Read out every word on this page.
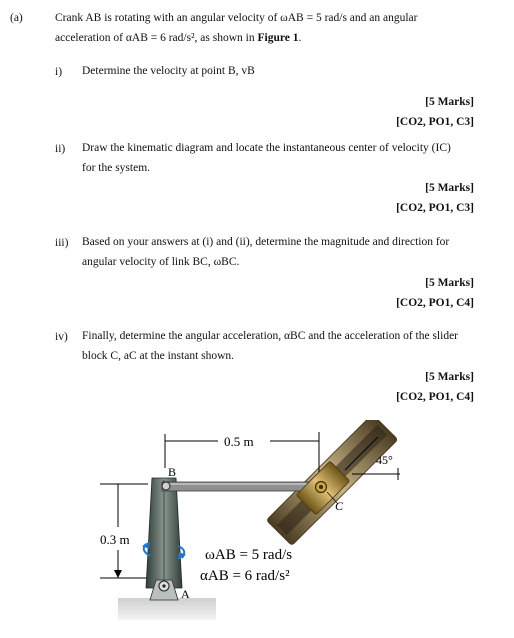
(a)	Crank AB is rotating with an angular velocity of ωAB = 5 rad/s and an angular
acceleration of αAB = 6 rad/s², as shown in Figure 1.
i) Determine the velocity at point B, vB
[5 Marks]
[CO2, PO1, C3]
ii) Draw the kinematic diagram and locate the instantaneous center of velocity (IC)
for the system.
[5 Marks]
[CO2, PO1, C3]
iii) Based on your answers at (i) and (ii), determine the magnitude and direction for
angular velocity of link BC, ωBC.
[5 Marks]
[CO2, PO1, C4]
iv) Finally, determine the angular acceleration, αBC and the acceleration of the slider
block C, aC at the instant shown.
[5 Marks]
[CO2, PO1, C4]
0.5 m
45°
0.3 m
B
C
A
ωAB = 5 rad/s
αAB = 6 rad/s²
